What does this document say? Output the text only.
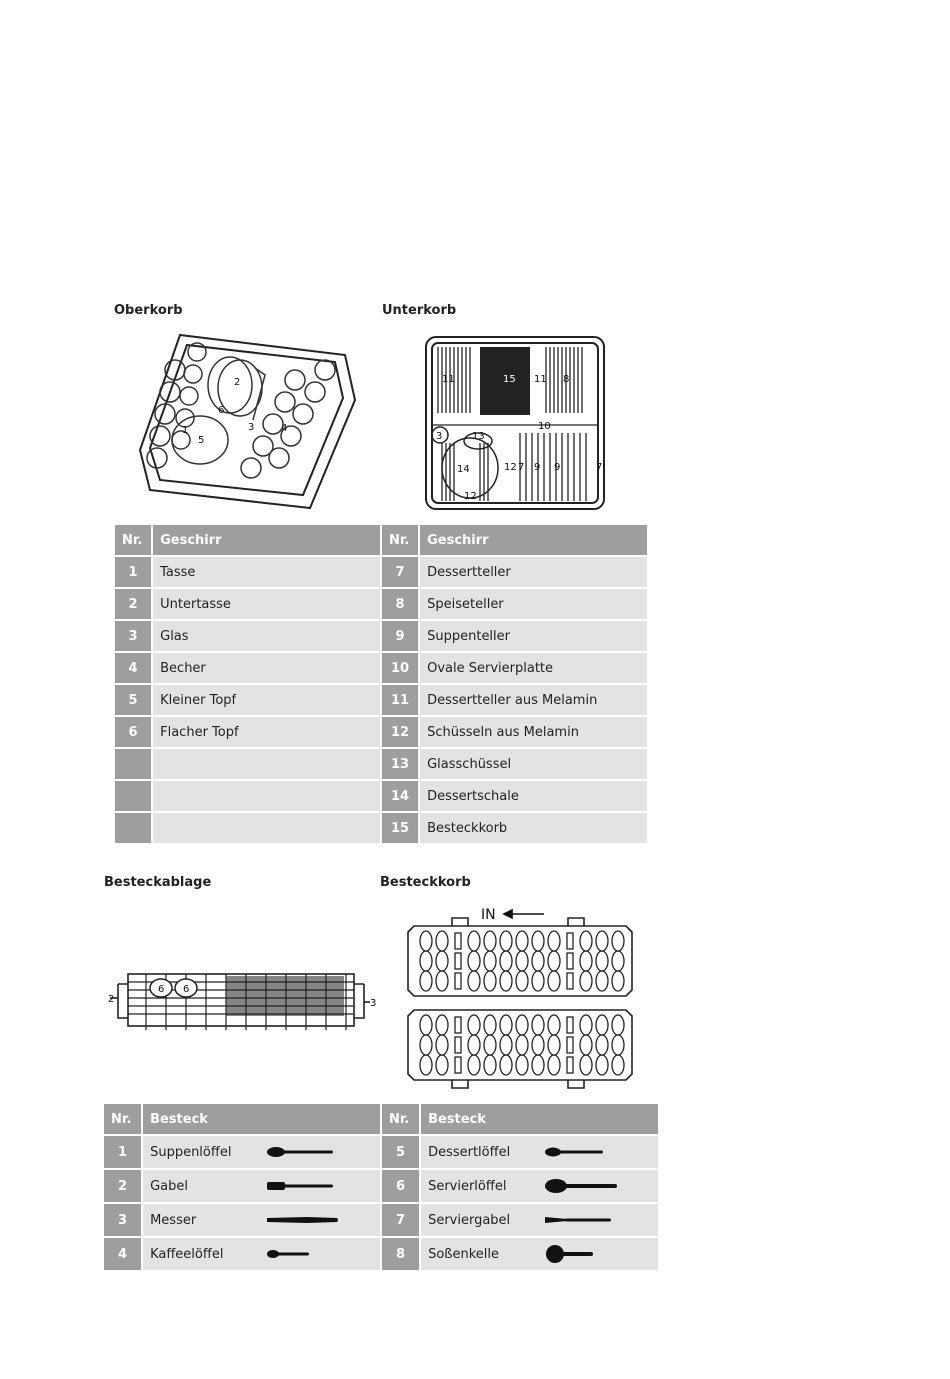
Oberkorb	Unterkorb
Besteckablage	Besteckkorb
1
2
3	4
5
6
11	15 11 8
3	13
10
14	12 7 9 9	7
12
Nr.	Geschirr	Nr.	Geschirr
1	Tasse	7	Dessertteller
2	Untertasse	8	Speiseteller
3	Glas	9	Suppenteller
4	Becher	10	Ovale Servierplatte
5	Kleiner Topf	11	Dessertteller aus Melamin
6	Flacher Topf	12	Schüsseln aus Melamin
		13	Glasschüssel
		14	Dessertschale
		15	Besteckkorb
2
6 6
3
IN
Nr.	Besteck	Nr.	Besteck
1	Suppenlöffel	5	Dessertlöffel

2	Gabel	6	Servierlöffel

3	Messer	7	Serviergabel

4	Kaffeelöffel	8	Soßenkelle
